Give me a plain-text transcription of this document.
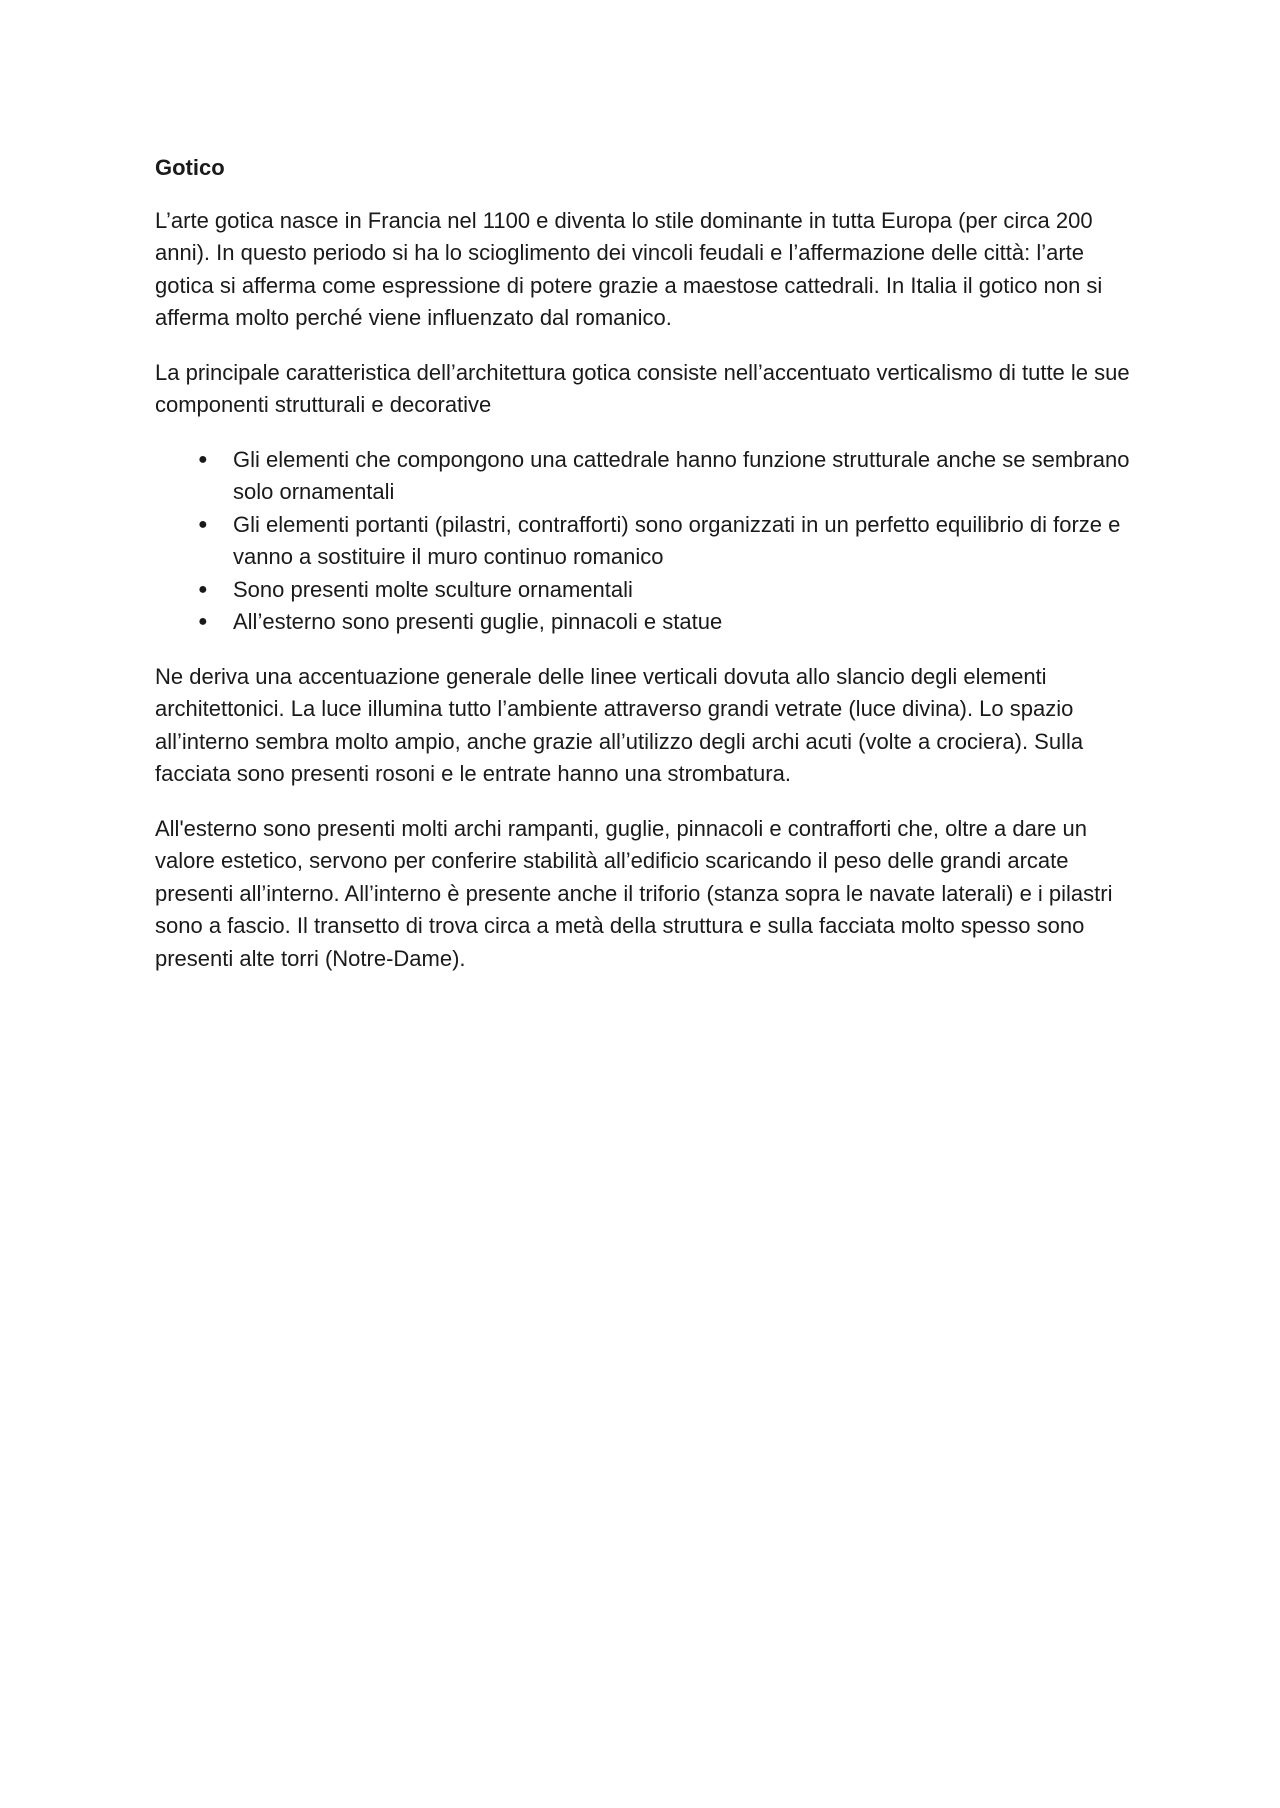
Gotico

L’arte gotica nasce in Francia nel 1100 e diventa lo stile dominante in tutta Europa (per circa 200 anni). In questo periodo si ha lo scioglimento dei vincoli feudali e l’affermazione delle città: l’arte gotica si afferma come espressione di potere grazie a maestose cattedrali. In Italia il gotico non si afferma molto perché viene influenzato dal romanico.

La principale caratteristica dell’architettura gotica consiste nell’accentuato verticalismo di tutte le sue componenti strutturali e decorative

● Gli elementi che compongono una cattedrale hanno funzione strutturale anche se sembrano solo ornamentali
● Gli elementi portanti (pilastri, contrafforti) sono organizzati in un perfetto equilibrio di forze e vanno a sostituire il muro continuo romanico
● Sono presenti molte sculture ornamentali
● All’esterno sono presenti guglie, pinnacoli e statue

Ne deriva una accentuazione generale delle linee verticali dovuta allo slancio degli elementi architettonici. La luce illumina tutto l’ambiente attraverso grandi vetrate (luce divina). Lo spazio all’interno sembra molto ampio, anche grazie all’utilizzo degli archi acuti (volte a crociera). Sulla facciata sono presenti rosoni e le entrate hanno una strombatura.

All'esterno sono presenti molti archi rampanti, guglie, pinnacoli e contrafforti che, oltre a dare un valore estetico, servono per conferire stabilità all’edificio scaricando il peso delle grandi arcate presenti all’interno. All’interno è presente anche il triforio (stanza sopra le navate laterali) e i pilastri sono a fascio. Il transetto di trova circa a metà della struttura e sulla facciata molto spesso sono presenti alte torri (Notre-Dame).
